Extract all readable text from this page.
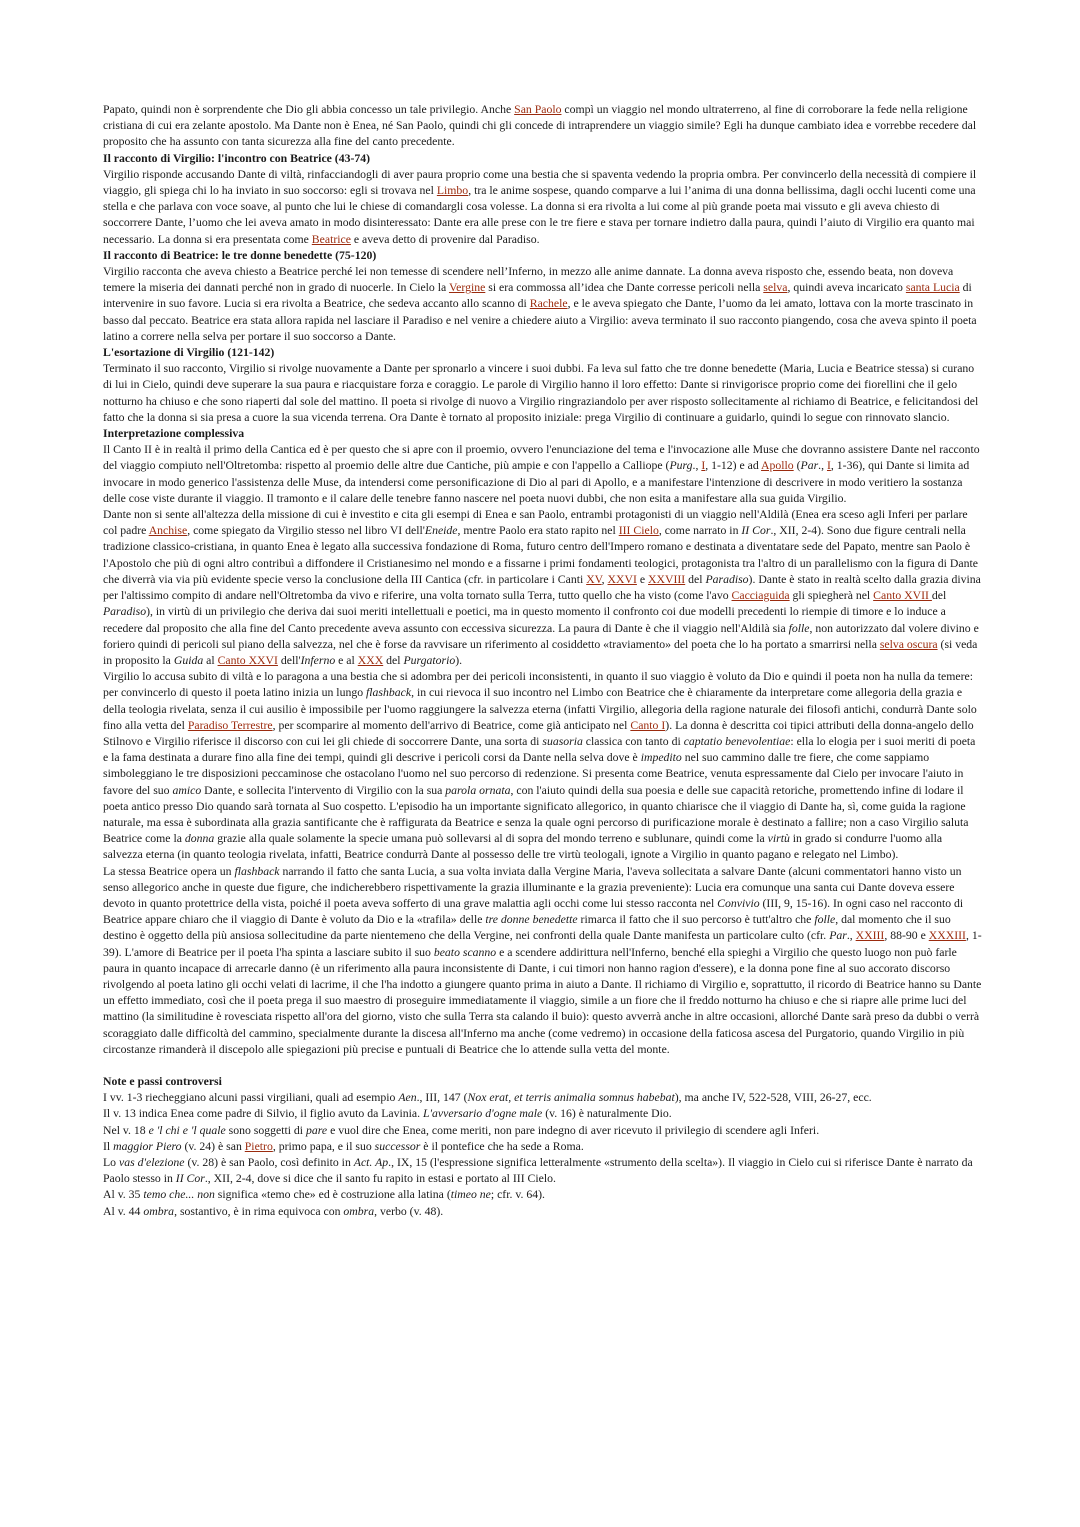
Papato, quindi non è sorprendente che Dio gli abbia concesso un tale privilegio. Anche San Paolo compì un viaggio nel mondo ultraterreno, al fine di corroborare la fede nella religione cristiana di cui era zelante apostolo. Ma Dante non è Enea, né San Paolo, quindi chi gli concede di intraprendere un viaggio simile? Egli ha dunque cambiato idea e vorrebbe recedere dal proposito che ha assunto con tanta sicurezza alla fine del canto precedente.
Il racconto di Virgilio: l'incontro con Beatrice (43-74)
Virgilio risponde accusando Dante di viltà, rinfacciandogli di aver paura proprio come una bestia che si spaventa vedendo la propria ombra. Per convincerlo della necessità di compiere il viaggio, gli spiega chi lo ha inviato in suo soccorso: egli si trovava nel Limbo, tra le anime sospese, quando comparve a lui l’anima di una donna bellissima, dagli occhi lucenti come una stella e che parlava con voce soave, al punto che lui le chiese di comandargli cosa volesse. La donna si era rivolta a lui come al più grande poeta mai vissuto e gli aveva chiesto di soccorrere Dante, l’uomo che lei aveva amato in modo disinteressato: Dante era alle prese con le tre fiere e stava per tornare indietro dalla paura, quindi l’aiuto di Virgilio era quanto mai necessario. La donna si era presentata come Beatrice e aveva detto di provenire dal Paradiso.
Il racconto di Beatrice: le tre donne benedette (75-120)
Virgilio racconta che aveva chiesto a Beatrice perché lei non temesse di scendere nell’Inferno, in mezzo alle anime dannate. La donna aveva risposto che, essendo beata, non doveva temere la miseria dei dannati perché non in grado di nuocerle. In Cielo la Vergine si era commossa all’idea che Dante corresse pericoli nella selva, quindi aveva incaricato santa Lucia di intervenire in suo favore. Lucia si era rivolta a Beatrice, che sedeva accanto allo scanno di Rachele, e le aveva spiegato che Dante, l’uomo da lei amato, lottava con la morte trascinato in basso dal peccato. Beatrice era stata allora rapida nel lasciare il Paradiso e nel venire a chiedere aiuto a Virgilio: aveva terminato il suo racconto piangendo, cosa che aveva spinto il poeta latino a correre nella selva per portare il suo soccorso a Dante.
L'esortazione di Virgilio (121-142)
Terminato il suo racconto, Virgilio si rivolge nuovamente a Dante per spronarlo a vincere i suoi dubbi. Fa leva sul fatto che tre donne benedette (Maria, Lucia e Beatrice stessa) si curano di lui in Cielo, quindi deve superare la sua paura e riacquistare forza e coraggio. Le parole di Virgilio hanno il loro effetto: Dante si rinvigorisce proprio come dei fiorellini che il gelo notturno ha chiuso e che sono riaperti dal sole del mattino. Il poeta si rivolge di nuovo a Virgilio ringraziandolo per aver risposto sollecitamente al richiamo di Beatrice, e felicitandosi del fatto che la donna si sia presa a cuore la sua vicenda terrena. Ora Dante è tornato al proposito iniziale: prega Virgilio di continuare a guidarlo, quindi lo segue con rinnovato slancio.
Interpretazione complessiva
Il Canto II è in realtà il primo della Cantica ed è per questo che si apre con il proemio, ovvero l'enunciazione del tema e l'invocazione alle Muse che dovranno assistere Dante nel racconto del viaggio compiuto nell'Oltretomba: rispetto al proemio delle altre due Cantiche, più ampie e con l'appello a Calliope (Purg., I, 1-12) e ad Apollo (Par., I, 1-36), qui Dante si limita ad invocare in modo generico l'assistenza delle Muse, da intendersi come personificazione di Dio al pari di Apollo, e a manifestare l'intenzione di descrivere in modo veritiero la sostanza delle cose viste durante il viaggio. Il tramonto e il calare delle tenebre fanno nascere nel poeta nuovi dubbi, che non esita a manifestare alla sua guida Virgilio.
Dante non si sente all'altezza della missione di cui è investito e cita gli esempi di Enea e san Paolo, entrambi protagonisti di un viaggio nell'Aldilà (Enea era sceso agli Inferi per parlare col padre Anchise, come spiegato da Virgilio stesso nel libro VI dell'Eneide, mentre Paolo era stato rapito nel III Cielo, come narrato in II Cor., XII, 2-4). Sono due figure centrali nella tradizione classico-cristiana, in quanto Enea è legato alla successiva fondazione di Roma, futuro centro dell'Impero romano e destinata a diventatare sede del Papato, mentre san Paolo è l'Apostolo che più di ogni altro contribuì a diffondere il Cristianesimo nel mondo e a fissarne i primi fondamenti teologici, protagonista tra l'altro di un parallelismo con la figura di Dante che diverrà via via più evidente specie verso la conclusione della III Cantica (cfr. in particolare i Canti XV, XXVI e XXVIII del Paradiso). Dante è stato in realtà scelto dalla grazia divina per l'altissimo compito di andare nell'Oltretomba da vivo e riferire, una volta tornato sulla Terra, tutto quello che ha visto (come l'avo Cacciaguida gli spiegherà nel Canto XVII del Paradiso), in virtù di un privilegio che deriva dai suoi meriti intellettuali e poetici, ma in questo momento il confronto coi due modelli precedenti lo riempie di timore e lo induce a recedere dal proposito che alla fine del Canto precedente aveva assunto con eccessiva sicurezza. La paura di Dante è che il viaggio nell'Aldilà sia folle, non autorizzato dal volere divino e foriero quindi di pericoli sul piano della salvezza, nel che è forse da ravvisare un riferimento al cosiddetto «traviamento» del poeta che lo ha portato a smarrirsi nella selva oscura (si veda in proposito la Guida al Canto XXVI dell'Inferno e al XXX del Purgatorio).
Virgilio lo accusa subito di viltà e lo paragona a una bestia che si adombra per dei pericoli inconsistenti, in quanto il suo viaggio è voluto da Dio e quindi il poeta non ha nulla da temere: per convincerlo di questo il poeta latino inizia un lungo flashback, in cui rievoca il suo incontro nel Limbo con Beatrice che è chiaramente da interpretare come allegoria della grazia e della teologia rivelata, senza il cui ausilio è impossibile per l'uomo raggiungere la salvezza eterna (infatti Virgilio, allegoria della ragione naturale dei filosofi antichi, condurrà Dante solo fino alla vetta del Paradiso Terrestre, per scomparire al momento dell'arrivo di Beatrice, come già anticipato nel Canto I). La donna è descritta coi tipici attributi della donna-angelo dello Stilnovo e Virgilio riferisce il discorso con cui lei gli chiede di soccorrere Dante, una sorta di suasoria classica con tanto di captatio benevolentiae: ella lo elogia per i suoi meriti di poeta e la fama destinata a durare fino alla fine dei tempi, quindi gli descrive i pericoli corsi da Dante nella selva dove è impedito nel suo cammino dalle tre fiere, che come sappiamo simboleggiano le tre disposizioni peccaminose che ostacolano l'uomo nel suo percorso di redenzione. Si presenta come Beatrice, venuta espressamente dal Cielo per invocare l'aiuto in favore del suo amico Dante, e sollecita l'intervento di Virgilio con la sua parola ornata, con l'aiuto quindi della sua poesia e delle sue capacità retoriche, promettendo infine di lodare il poeta antico presso Dio quando sarà tornata al Suo cospetto. L'episodio ha un importante significato allegorico, in quanto chiarisce che il viaggio di Dante ha, sì, come guida la ragione naturale, ma essa è subordinata alla grazia santificante che è raffigurata da Beatrice e senza la quale ogni percorso di purificazione morale è destinato a fallire; non a caso Virgilio saluta Beatrice come la donna grazie alla quale solamente la specie umana può sollevarsi al di sopra del mondo terreno e sublunare, quindi come la virtù in grado si condurre l'uomo alla salvezza eterna (in quanto teologia rivelata, infatti, Beatrice condurrà Dante al possesso delle tre virtù teologali, ignote a Virgilio in quanto pagano e relegato nel Limbo).
La stessa Beatrice opera un flashback narrando il fatto che santa Lucia, a sua volta inviata dalla Vergine Maria, l'aveva sollecitata a salvare Dante (alcuni commentatori hanno visto un senso allegorico anche in queste due figure, che indicherebbero rispettivamente la grazia illuminante e la grazia preveniente): Lucia era comunque una santa cui Dante doveva essere devoto in quanto protettrice della vista, poiché il poeta aveva sofferto di una grave malattia agli occhi come lui stesso racconta nel Convivio (III, 9, 15-16). In ogni caso nel racconto di Beatrice appare chiaro che il viaggio di Dante è voluto da Dio e la «trafila» delle tre donne benedette rimarca il fatto che il suo percorso è tutt'altro che folle, dal momento che il suo destino è oggetto della più ansiosa sollecitudine da parte nientemeno che della Vergine, nei confronti della quale Dante manifesta un particolare culto (cfr. Par., XXIII, 88-90 e XXXIII, 1-39). L'amore di Beatrice per il poeta l'ha spinta a lasciare subito il suo beato scanno e a scendere addirittura nell'Inferno, benché ella spieghi a Virgilio che questo luogo non può farle paura in quanto incapace di arrecarle danno (è un riferimento alla paura inconsistente di Dante, i cui timori non hanno ragion d'essere), e la donna pone fine al suo accorato discorso rivolgendo al poeta latino gli occhi velati di lacrime, il che l'ha indotto a giungere quanto prima in aiuto a Dante. Il richiamo di Virgilio e, soprattutto, il ricordo di Beatrice hanno su Dante un effetto immediato, così che il poeta prega il suo maestro di proseguire immediatamente il viaggio, simile a un fiore che il freddo notturno ha chiuso e che si riapre alle prime luci del mattino (la similitudine è rovesciata rispetto all'ora del giorno, visto che sulla Terra sta calando il buio): questo avverrà anche in altre occasioni, allorché Dante sarà preso da dubbi o verrà scoraggiato dalle difficoltà del cammino, specialmente durante la discesa all'Inferno ma anche (come vedremo) in occasione della faticosa ascesa del Purgatorio, quando Virgilio in più circostanze rimanderà il discepolo alle spiegazioni più precise e puntuali di Beatrice che lo attende sulla vetta del monte.
Note e passi controversi
I vv. 1-3 riecheggiano alcuni passi virgiliani, quali ad esempio Aen., III, 147 (Nox erat, et terris animalia somnus habebat), ma anche IV, 522-528, VIII, 26-27, ecc.
Il v. 13 indica Enea come padre di Silvio, il figlio avuto da Lavinia. L'avversario d'ogne male (v. 16) è naturalmente Dio.
Nel v. 18 e 'l chi e 'l quale sono soggetti di pare e vuol dire che Enea, come meriti, non pare indegno di aver ricevuto il privilegio di scendere agli Inferi.
Il maggior Piero (v. 24) è san Pietro, primo papa, e il suo successor è il pontefice che ha sede a Roma.
Lo vas d'elezione (v. 28) è san Paolo, così definito in Act. Ap., IX, 15 (l'espressione significa letteralmente «strumento della scelta»). Il viaggio in Cielo cui si riferisce Dante è narrato da Paolo stesso in II Cor., XII, 2-4, dove si dice che il santo fu rapito in estasi e portato al III Cielo.
Al v. 35 temo che... non significa «temo che» ed è costruzione alla latina (timeo ne; cfr. v. 64).
Al v. 44 ombra, sostantivo, è in rima equivoca con ombra, verbo (v. 48).
